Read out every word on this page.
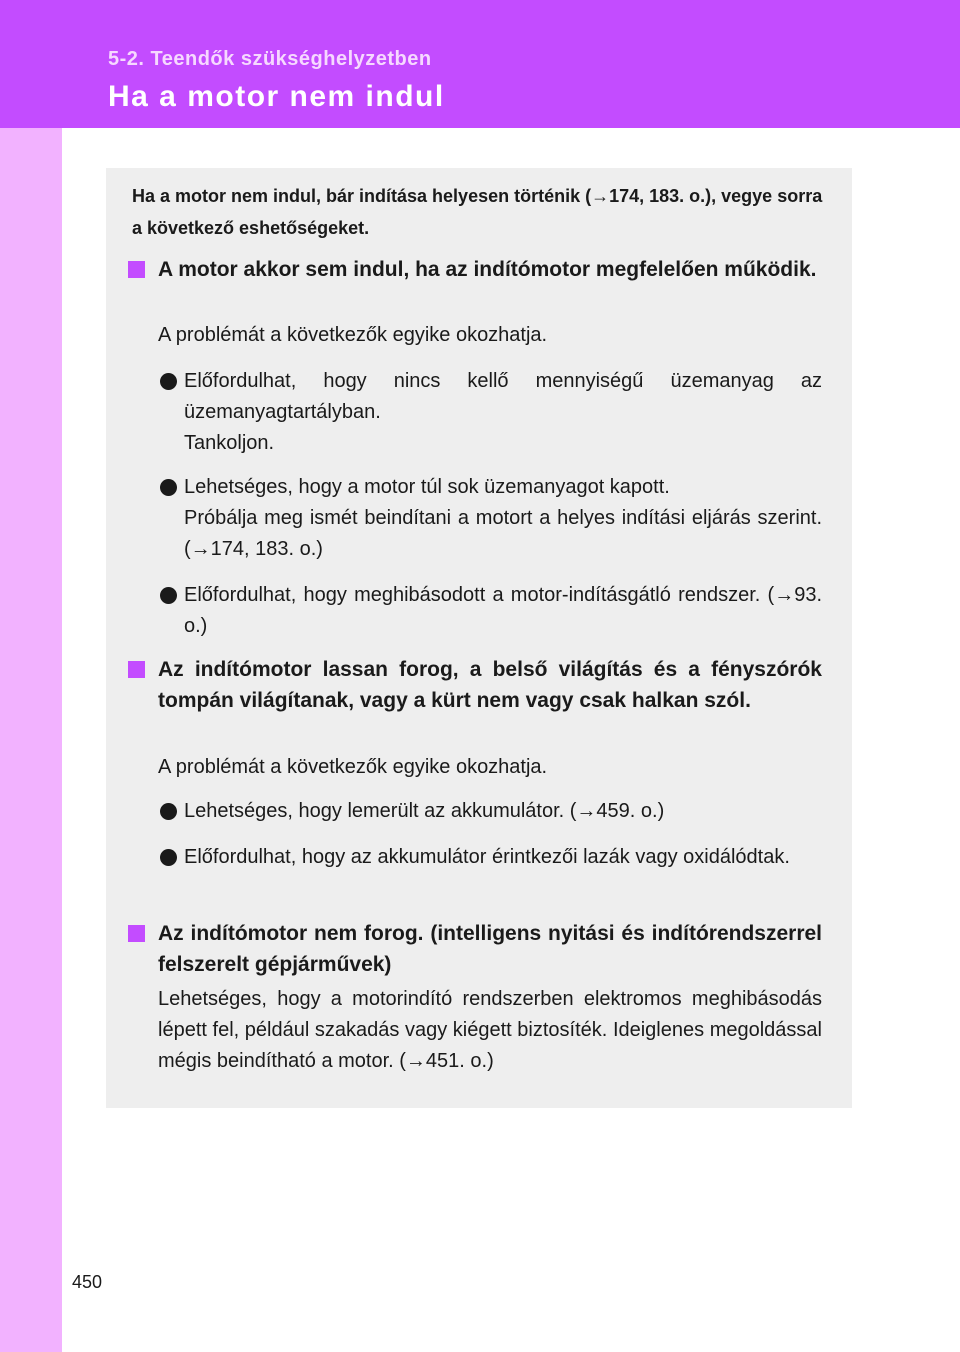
5-2. Teendők szükséghelyzetben
Ha a motor nem indul
Ha a motor nem indul, bár indítása helyesen történik (→174, 183. o.), vegye sorra a következő eshetőségeket.
A motor akkor sem indul, ha az indítómotor megfelelően működik.
A problémát a következők egyike okozhatja.
Előfordulhat, hogy nincs kellő mennyiségű üzemanyag az üzemanyagtartályban.
Tankoljon.
Lehetséges, hogy a motor túl sok üzemanyagot kapott.
Próbálja meg ismét beindítani a motort a helyes indítási eljárás szerint. (→174, 183. o.)
Előfordulhat, hogy meghibásodott a motor-indításgátló rendszer. (→93. o.)
Az indítómotor lassan forog, a belső világítás és a fényszórók tompán világítanak, vagy a kürt nem vagy csak halkan szól.
A problémát a következők egyike okozhatja.
Lehetséges, hogy lemerült az akkumulátor. (→459. o.)
Előfordulhat, hogy az akkumulátor érintkezői lazák vagy oxidálódtak.
Az indítómotor nem forog. (intelligens nyitási és indítórendszerrel felszerelt gépjárművek)
Lehetséges, hogy a motorindító rendszerben elektromos meghibásodás lépett fel, például szakadás vagy kiégett biztosíték. Ideiglenes megoldással mégis beindítható a motor. (→451. o.)
450
